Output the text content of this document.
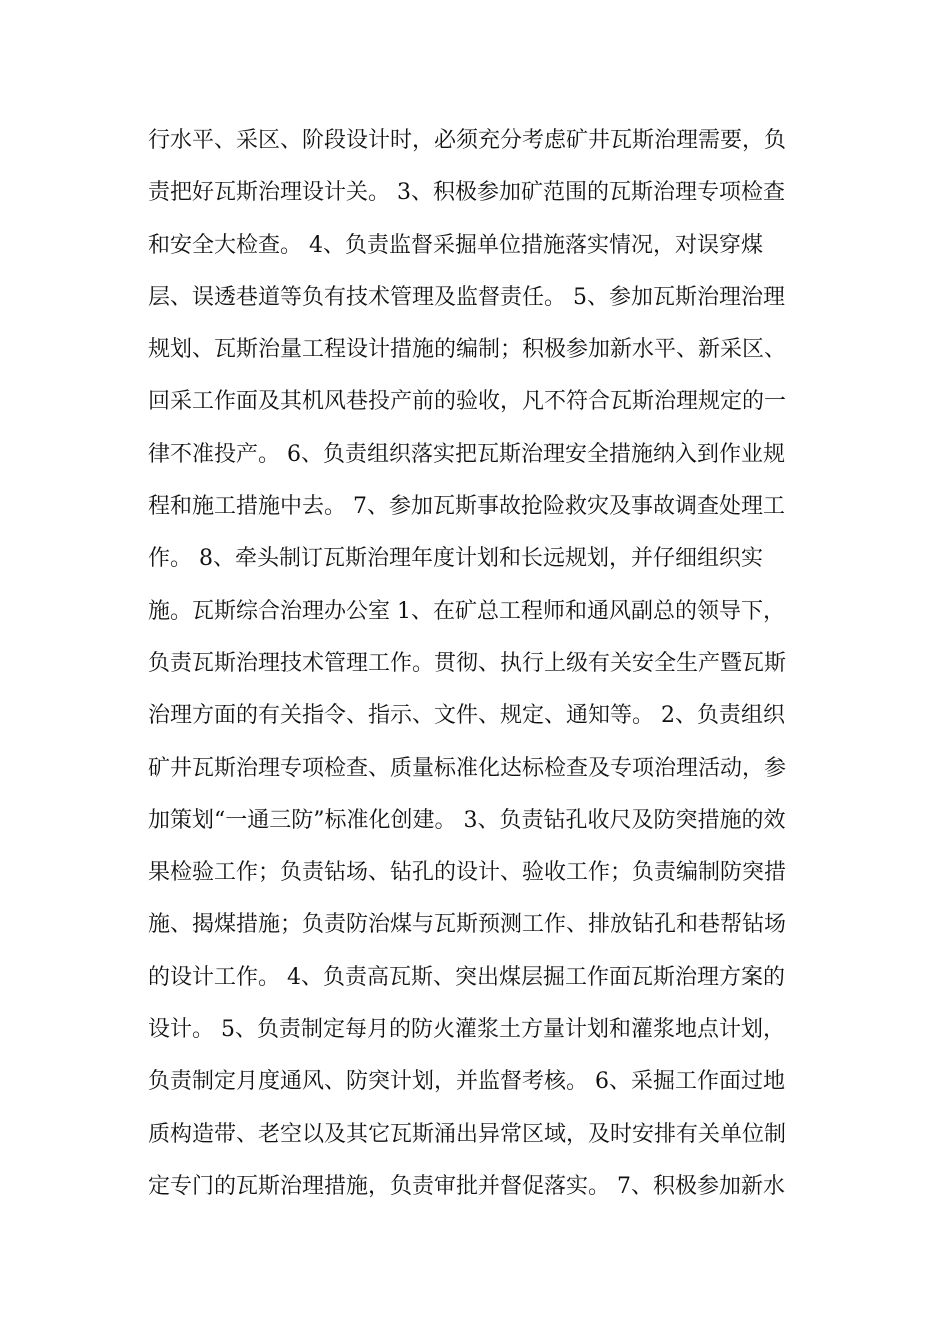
行水平、采区、阶段设计时，必须充分考虑矿井瓦斯治理需要，负
责把好瓦斯治理设计关。 3、积极参加矿范围的瓦斯治理专项检查
和安全大检查。 4、负责监督采掘单位措施落实情况，对误穿煤
层、误透巷道等负有技术管理及监督责任。 5、参加瓦斯治理治理
规划、瓦斯治量工程设计措施的编制；积极参加新水平、新采区、
回采工作面及其机风巷投产前的验收，凡不符合瓦斯治理规定的一
律不准投产。 6、负责组织落实把瓦斯治理安全措施纳入到作业规
程和施工措施中去。 7、参加瓦斯事故抢险救灾及事故调查处理工
作。 8、牵头制订瓦斯治理年度计划和长远规划，并仔细组织实
施。瓦斯综合治理办公室 1、在矿总工程师和通风副总的领导下，
负责瓦斯治理技术管理工作。贯彻、执行上级有关安全生产暨瓦斯
治理方面的有关指令、指示、文件、规定、通知等。 2、负责组织
矿井瓦斯治理专项检查、质量标准化达标检查及专项治理活动，参
加策划“一通三防”标准化创建。 3、负责钻孔收尺及防突措施的效
果检验工作；负责钻场、钻孔的设计、验收工作；负责编制防突措
施、揭煤措施；负责防治煤与瓦斯预测工作、排放钻孔和巷帮钻场
的设计工作。 4、负责高瓦斯、突出煤层掘工作面瓦斯治理方案的
设计。 5、负责制定每月的防火灌浆土方量计划和灌浆地点计划，
负责制定月度通风、防突计划，并监督考核。 6、采掘工作面过地
质构造带、老空以及其它瓦斯涌出异常区域，及时安排有关单位制
定专门的瓦斯治理措施，负责审批并督促落实。 7、积极参加新水
